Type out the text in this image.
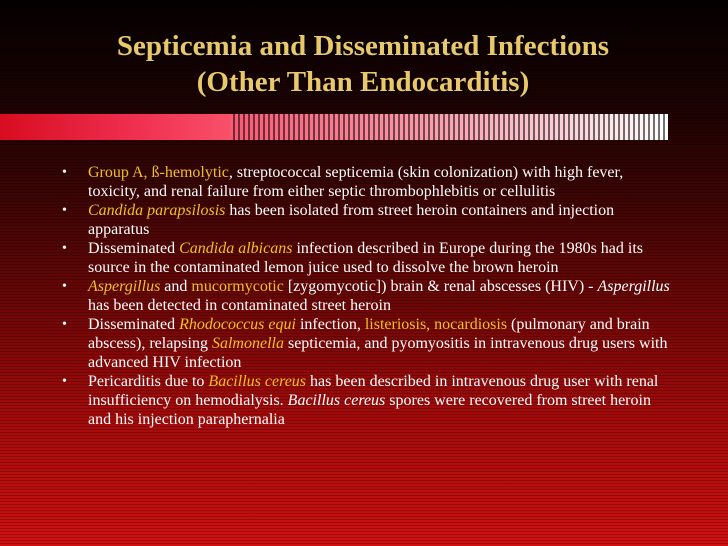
Septicemia and Disseminated Infections
(Other Than Endocarditis)
• Group A, ß-hemolytic, streptococcal septicemia (skin colonization) with high fever, toxicity, and renal failure from either septic thrombophlebitis or cellulitis
• Candida parapsilosis has been isolated from street heroin containers and injection apparatus
• Disseminated Candida albicans infection described in Europe during the 1980s had its source in the contaminated lemon juice used to dissolve the brown heroin
• Aspergillus and mucormycotic [zygomycotic]) brain & renal abscesses (HIV) - Aspergillus has been detected in contaminated street heroin
• Disseminated Rhodococcus equi infection, listeriosis, nocardiosis (pulmonary and brain abscess), relapsing Salmonella septicemia, and pyomyositis in intravenous drug users with advanced HIV infection
• Pericarditis due to Bacillus cereus has been described in intravenous drug user with renal insufficiency on hemodialysis. Bacillus cereus spores were recovered from street heroin and his injection paraphernalia
